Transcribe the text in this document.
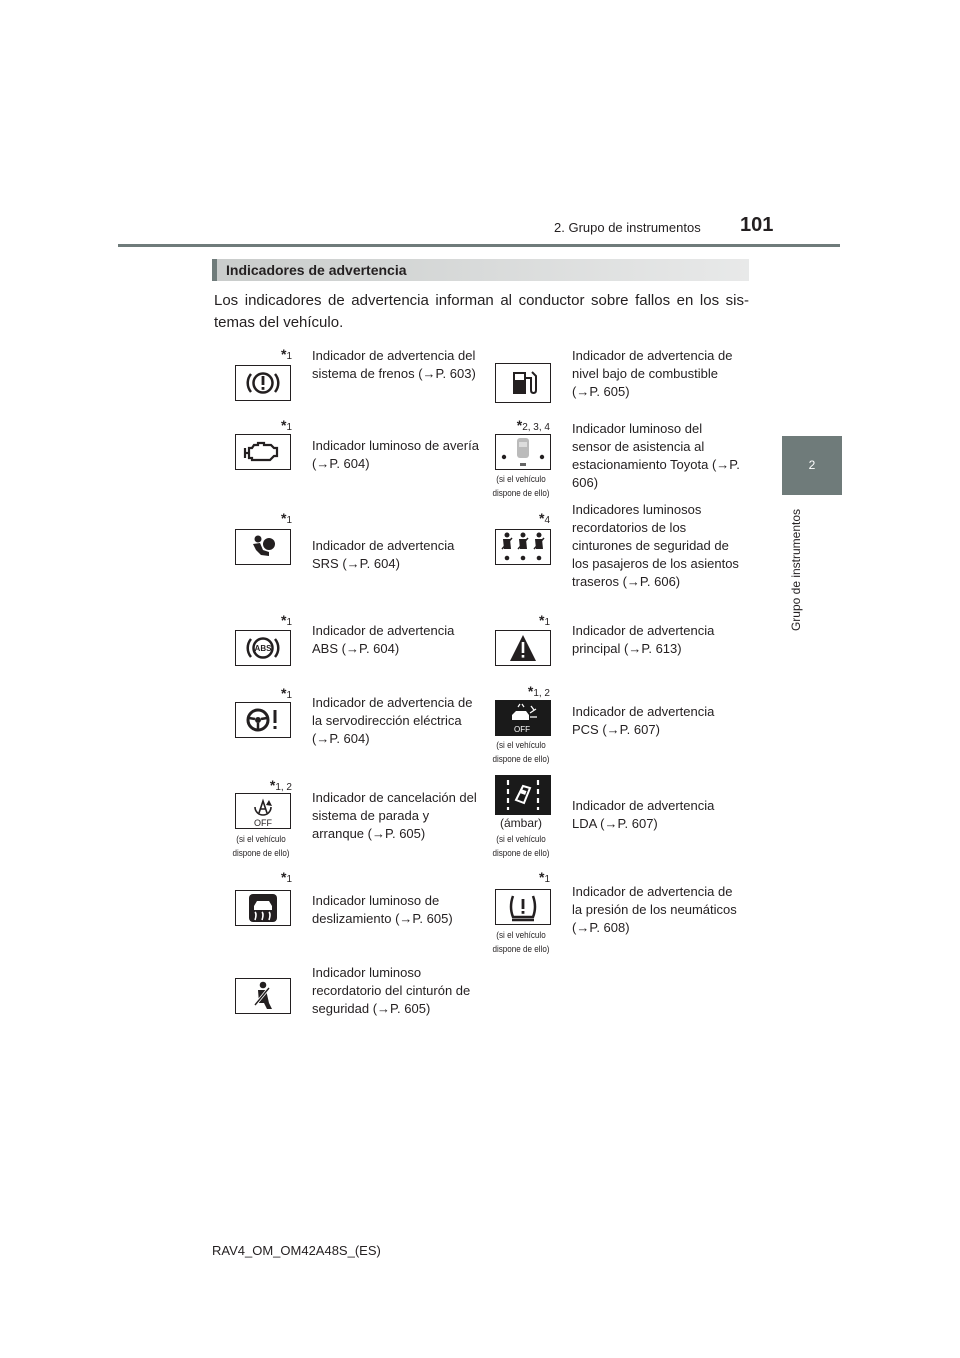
2. Grupo de instrumentos 101
2
Grupo de instrumentos
Indicadores de advertencia
Los indicadores de advertencia informan al conductor sobre fallos en los sis- temas del vehículo.
*1 Indicador de advertencia del sistema de frenos (→P. 603)
Indicador de advertencia de nivel bajo de combustible (→P. 605)
*1
Indicador luminoso de avería (→P. 604)
*2, 3, 4
(si el vehículo dispone de ello)
Indicador luminoso del sensor de asistencia al estacionamiento Toyota (→P. 606)
*1
Indicador de advertencia SRS (→P. 604)
*4
Indicadores luminosos recordatorios de los cinturones de seguridad de los pasajeros de los asientos traseros (→P. 606)
*1
ABS
Indicador de advertencia ABS (→P. 604)
*1
Indicador de advertencia principal (→P. 613)
*1 Indicador de advertencia de la servodirección eléctrica (→P. 604)
*1, 2
OFF
(si el vehículo dispone de ello)
Indicador de advertencia PCS (→P. 607)
*1, 2
OFF
(si el vehículo dispone de ello)
Indicador de cancelación del sistema de parada y arranque (→P. 605)
(ámbar)
(si el vehículo dispone de ello)
Indicador de advertencia LDA (→P. 607)
*1
Indicador luminoso de deslizamiento (→P. 605)
*1
(si el vehículo dispone de ello)
Indicador de advertencia de la presión de los neumáticos (→P. 608)
Indicador luminoso recordatorio del cinturón de seguridad (→P. 605)
RAV4_OM_OM42A48S_(ES)
